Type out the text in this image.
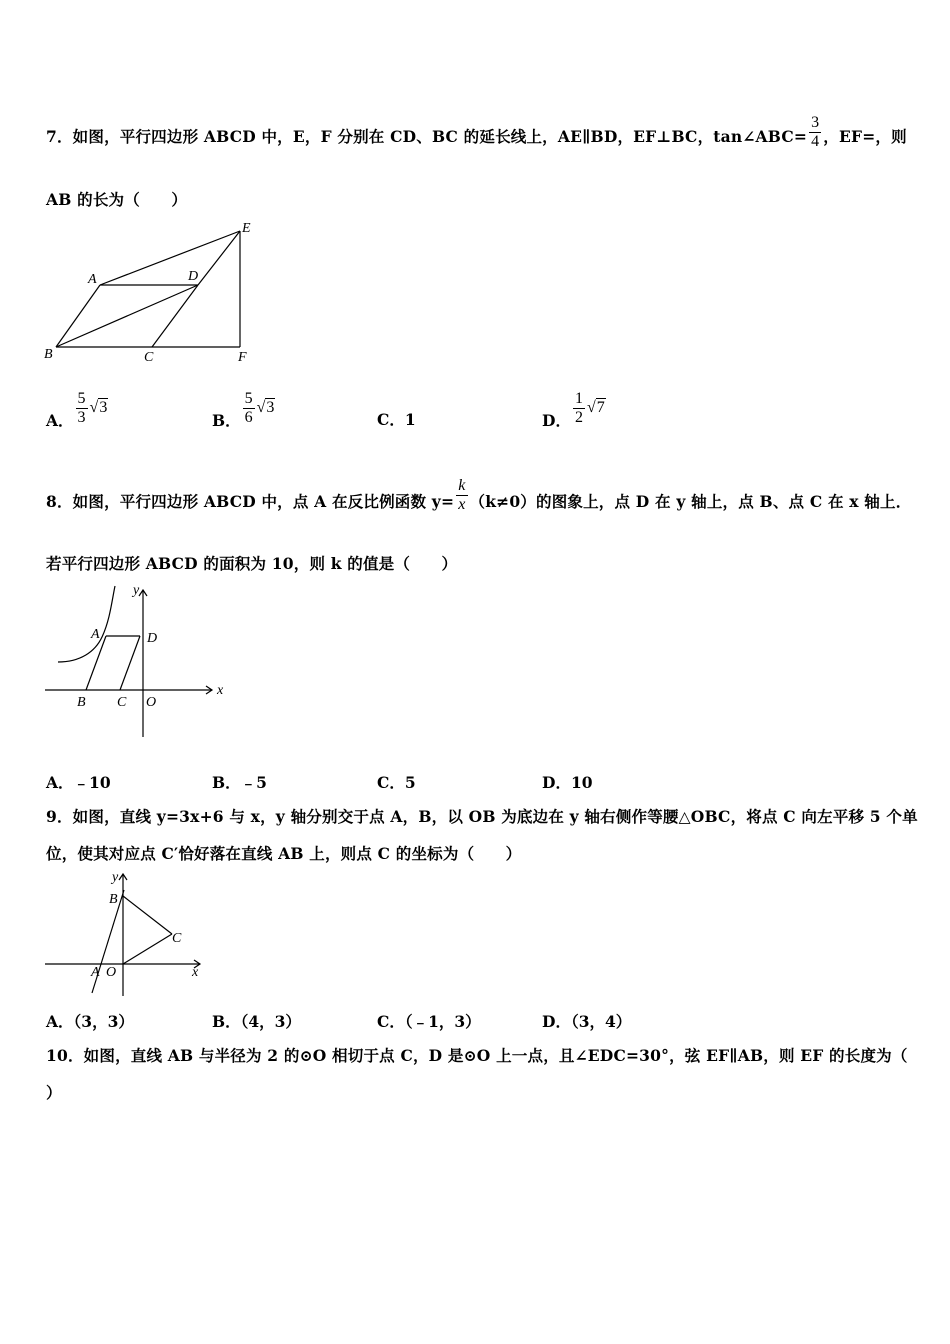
7．如图，平行四边形 ABCD 中，E，F 分别在 CD、BC 的延长线上，AE∥BD，EF⊥BC，tan∠ABC= $\frac{3}{4}$ ，EF=，则
AB 的长为（　　）
A	D
E
B	C	F
A． $\frac{5}{3} √3$
B． $\frac{5}{6} √3$
C．1	D． $\frac{1}{2} √7$
8．如图，平行四边形 ABCD 中，点 A 在反比例函数 $y= \frac{k}{x} (k\ne 0)$的图象上，点 D 在 y 轴上，点 B、点 C 在 x 轴上．
若平行四边形 ABCD 的面积为 10，则 k 的值是（　　）
y
A	D
x
B C O
A．﹣10	B．﹣5	C．5	D．10
9．如图，直线 y=3x+6 与 x，y 轴分别交于点 A，B，以 OB 为底边在 y 轴右侧作等腰△OBC，将点 C 向左平移 5 个单
位，使其对应点 C′恰好落在直线 AB 上，则点 C 的坐标为（　　）
y
B
C
A O	x
A．（3，3）	B．（4，3）	C．（﹣1，3）	D．（3，4）
10．如图，直线 AB 与半径为 2 的⊙O 相切于点 C，D 是⊙O 上一点，且∠EDC=30°，弦 EF∥AB，则 EF 的长度为（
）
